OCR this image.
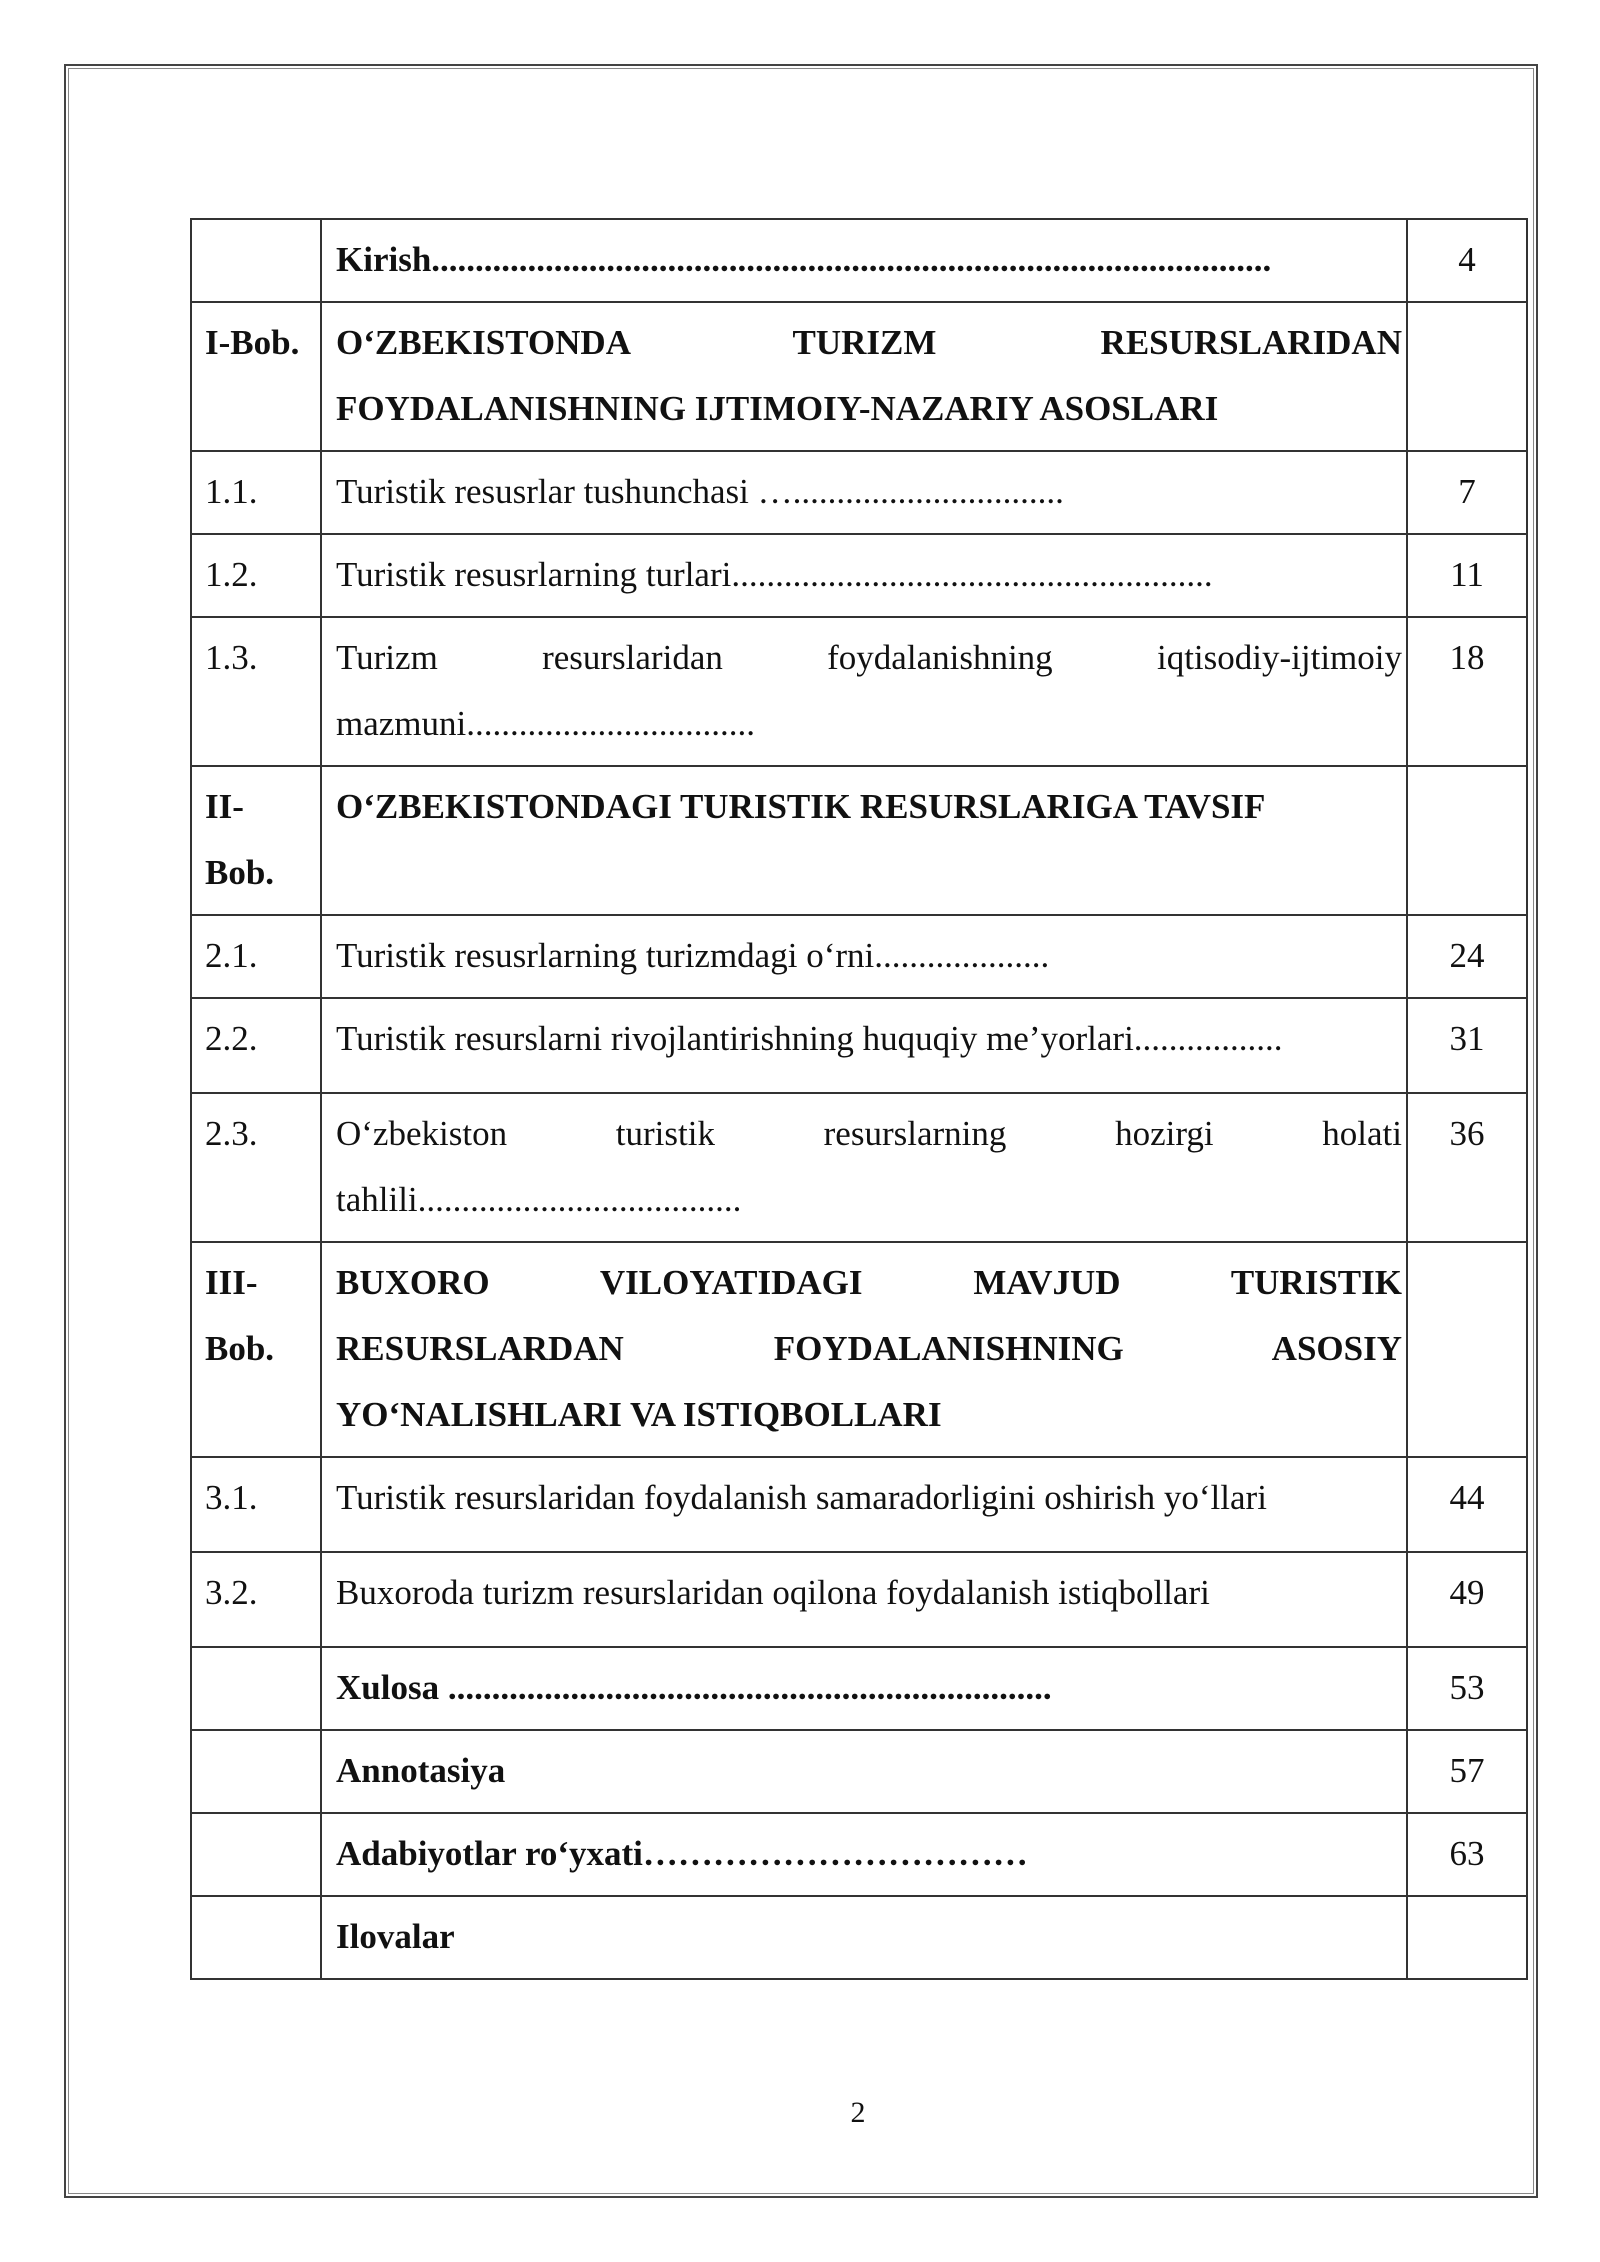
	Kirish................................................................................................	4
I-Bob.	O‘ZBEKISTONDA TURIZM RESURSLARIDAN
FOYDALANISHNING IJTIMOIY-NAZARIY ASOSLARI	

1.1.	Turistik resusrlar tushunchasi …...............................	7
1.2.	Turistik resusrlarning turlari.......................................................	11
1.3.	Turizm resurslaridan foydalanishning iqtisodiy-ijtimoiy
mazmuni.................................	18
II-Bob.	O‘ZBEKISTONDAGI TURISTIK RESURSLARIGA TAVSIF	

2.1.	Turistik resusrlarning turizmdagi o‘rni....................	24
2.2.	Turistik resurslarni rivojlantirishning huquqiy me’yorlari.................	31
2.3.	O‘zbekiston turistik resurslarning hozirgi holati
tahlili.....................................	36
III-Bob.	BUXORO VILOYATIDAGI MAVJUD TURISTIK
RESURSLARDAN FOYDALANISHNING ASOSIY
YO‘NALISHLARI VA ISTIQBOLLARI	

3.1.	Turistik resurslaridan foydalanish samaradorligini oshirish yo‘llari	44
3.2.	Buxoroda turizm resurslaridan oqilona foydalanish istiqbollari	49

	Xulosa .....................................................................	53

	Annotasiya	57

	Adabiyotlar ro‘yxati……………………………	63

	Ilovalar	

2
